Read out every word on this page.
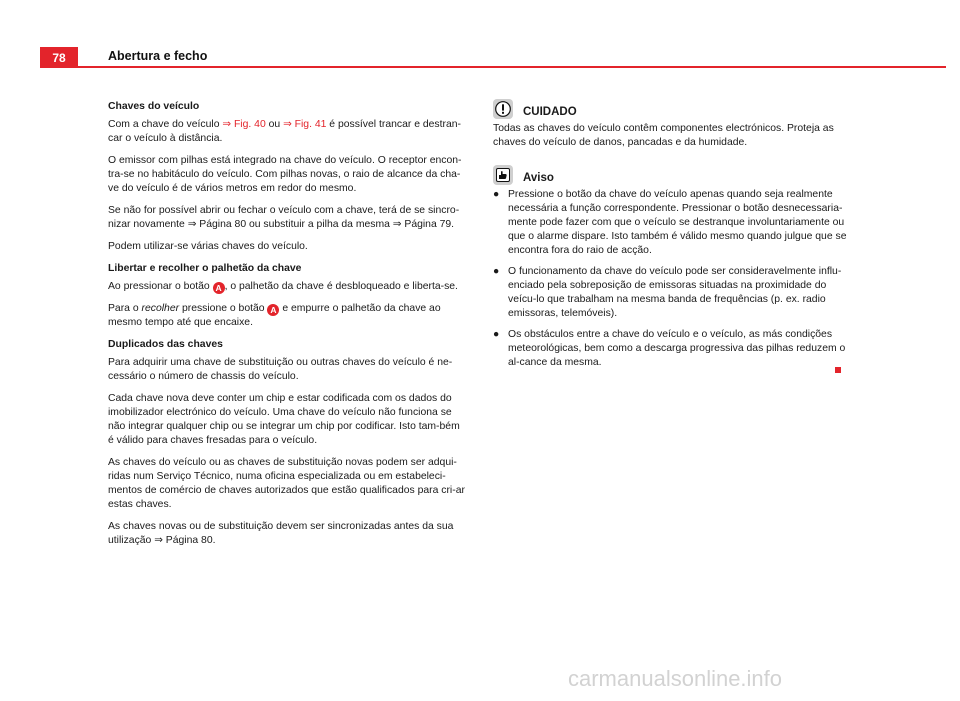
78	Abertura e fecho

Chaves do veículo

Com a chave do veículo ⇒ Fig. 40 ou ⇒ Fig. 41 é possível trancar e destran-car o veículo à distância.

O emissor com pilhas está integrado na chave do veículo. O receptor encon-tra-se no habitáculo do veículo. Com pilhas novas, o raio de alcance da cha-ve do veículo é de vários metros em redor do mesmo.

Se não for possível abrir ou fechar o veículo com a chave, terá de se sincro-nizar novamente ⇒ Página 80 ou substituir a pilha da mesma ⇒ Página 79.

Podem utilizar-se várias chaves do veículo.

Libertar e recolher o palhetão da chave

Ao pressionar o botão A , o palhetão da chave é desbloqueado e liberta-se.

Para o recolher pressione o botão A e empurre o palhetão da chave ao mesmo tempo até que encaixe.

Duplicados das chaves

Para adquirir uma chave de substituição ou outras chaves do veículo é ne-cessário o número de chassis do veículo.

Cada chave nova deve conter um chip e estar codificada com os dados do imobilizador electrónico do veículo. Uma chave do veículo não funciona se não integrar qualquer chip ou se integrar um chip por codificar. Isto tam-bém é válido para chaves fresadas para o veículo.

As chaves do veículo ou as chaves de substituição novas podem ser adqui-ridas num Serviço Técnico, numa oficina especializada ou em estabeleci-mentos de comércio de chaves autorizados que estão qualificados para cri-ar estas chaves.

As chaves novas ou de substituição devem ser sincronizadas antes da sua utilização ⇒ Página 80.

CUIDADO

Todas as chaves do veículo contêm componentes electrónicos. Proteja as chaves do veículo de danos, pancadas e da humidade.

Aviso
● Pressione o botão da chave do veículo apenas quando seja realmente necessária a função correspondente. Pressionar o botão desnecessaria-mente pode fazer com que o veículo se destranque involuntariamente ou que o alarme dispare. Isto também é válido mesmo quando julgue que se encontra fora do raio de acção.
● O funcionamento da chave do veículo pode ser consideravelmente influ-enciado pela sobreposição de emissoras situadas na proximidade do veícu-lo que trabalham na mesma banda de frequências (p. ex. radio emissoras, telemóveis).
● Os obstáculos entre a chave do veículo e o veículo, as más condições meteorológicas, bem como a descarga progressiva das pilhas reduzem o al-cance da mesma.
carmanualsonline.info
